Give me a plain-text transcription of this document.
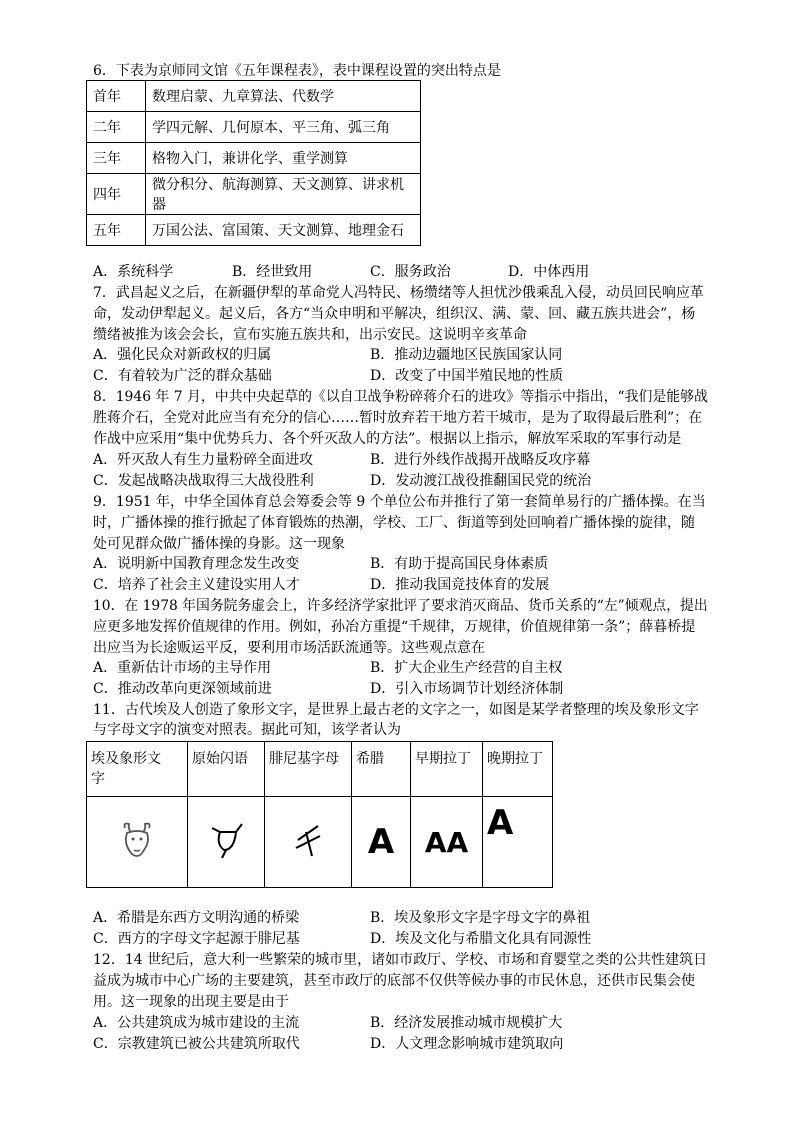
6．下表为京师同文馆《五年课程表》，表中课程设置的突出特点是
首年	数理启蒙、九章算法、代数学
二年	学四元解、几何原本、平三角、弧三角
三年	格物入门，兼讲化学、重学测算
四年	微分积分、航海测算、天文测算、讲求机器
五年	万国公法、富国策、天文测算、地理金石
A．系统科学	B．经世致用	C．服务政治	D．中体西用
7．武昌起义之后，在新疆伊犁的革命党人冯特民、杨缵绪等人担忧沙俄乘乱入侵，动员回民响应革
命，发动伊犁起义。起义后，各方“当众申明和平解决，组织汉、满、蒙、回、藏五族共进会”，杨
缵绪被推为该会会长，宣布实施五族共和，出示安民。这说明辛亥革命
A．强化民众对新政权的归属	B．推动边疆地区民族国家认同
C．有着较为广泛的群众基础	D．改变了中国半殖民地的性质
8．1946 年 7 月，中共中央起草的《以自卫战争粉碎蒋介石的进攻》等指示中指出，“我们是能够战
胜蒋介石，全党对此应当有充分的信心……暂时放弃若干地方若干城市，是为了取得最后胜利”；在
作战中应采用“集中优势兵力、各个歼灭敌人的方法”。根据以上指示，解放军采取的军事行动是
A．歼灭敌人有生力量粉碎全面进攻	B．进行外线作战揭开战略反攻序幕
C．发起战略决战取得三大战役胜利	D．发动渡江战役推翻国民党的统治
9．1951 年，中华全国体育总会筹委会等 9 个单位公布并推行了第一套简单易行的广播体操。在当
时，广播体操的推行掀起了体育锻炼的热潮，学校、工厂、街道等到处回响着广播体操的旋律，随
处可见群众做广播体操的身影。这一现象
A．说明新中国教育理念发生改变	B．有助于提高国民身体素质
C．培养了社会主义建设实用人才	D．推动我国竞技体育的发展
10．在 1978 年国务院务虚会上，许多经济学家批评了要求消灭商品、货币关系的“左”倾观点，提出
应更多地发挥价值规律的作用。例如，孙冶方重提“千规律，万规律，价值规律第一条”；薛暮桥提
出应当为长途贩运平反，要利用市场活跃流通等。这些观点意在
A．重新估计市场的主导作用	B．扩大企业生产经营的自主权
C．推动改革向更深领域前进	D．引入市场调节计划经济体制
11．古代埃及人创造了象形文字，是世界上最古老的文字之一，如图是某学者整理的埃及象形文字
与字母文字的演变对照表。据此可知，该学者认为
埃及象形文
字	原始闪语	腓尼基字母	希腊	早期拉丁	晚期拉丁
			A	AA	A
A．希腊是东西方文明沟通的桥梁	B．埃及象形文字是字母文字的鼻祖
C．西方的字母文字起源于腓尼基	D．埃及文化与希腊文化具有同源性
12．14 世纪后，意大利一些繁荣的城市里，诸如市政厅、学校、市场和育婴堂之类的公共性建筑日
益成为城市中心广场的主要建筑，甚至市政厅的底部不仅供等候办事的市民休息，还供市民集会使
用。这一现象的出现主要是由于
A．公共建筑成为城市建设的主流	B．经济发展推动城市规模扩大
C．宗教建筑已被公共建筑所取代	D．人文理念影响城市建筑取向
